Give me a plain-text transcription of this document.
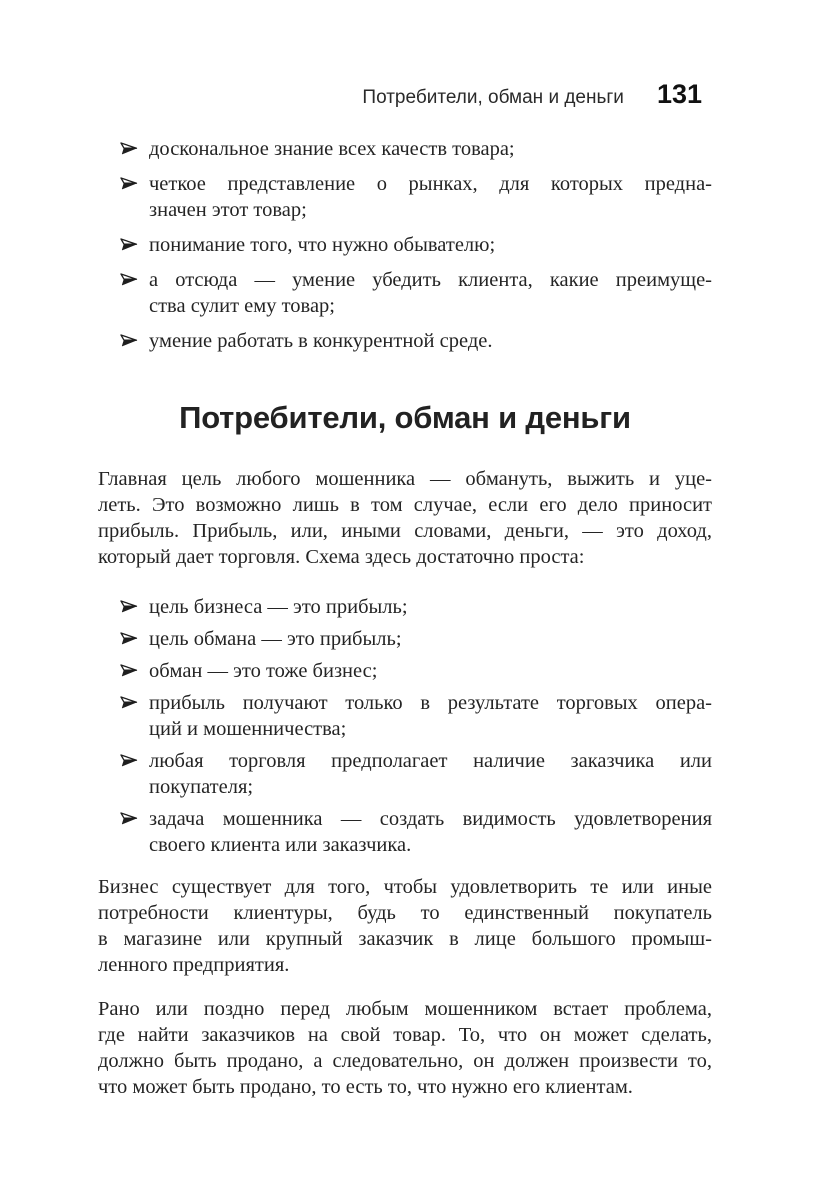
Потребители, обман и деньги 131
доскональное знание всех качеств товара;
четкое представление о рынках, для которых предна-
значен этот товар;
понимание того, что нужно обывателю;
а отсюда — умение убедить клиента, какие преимуще-
ства сулит ему товар;
умение работать в конкурентной среде.
Потребители, обман и деньги
Главная цель любого мошенника — обмануть, выжить и уце-
леть. Это возможно лишь в том случае, если его дело приносит
прибыль. Прибыль, или, иными словами, деньги, — это доход,
который дает торговля. Схема здесь достаточно проста:
цель бизнеса — это прибыль;
цель обмана — это прибыль;
обман — это тоже бизнес;
прибыль получают только в результате торговых опера-
ций и мошенничества;
любая торговля предполагает наличие заказчика или
покупателя;
задача мошенника — создать видимость удовлетворения
своего клиента или заказчика.
Бизнес существует для того, чтобы удовлетворить те или иные
потребности клиентуры, будь то единственный покупатель
в магазине или крупный заказчик в лице большого промыш-
ленного предприятия.
Рано или поздно перед любым мошенником встает проблема,
где найти заказчиков на свой товар. То, что он может сделать,
должно быть продано, а следовательно, он должен произвести то,
что может быть продано, то есть то, что нужно его клиентам.
